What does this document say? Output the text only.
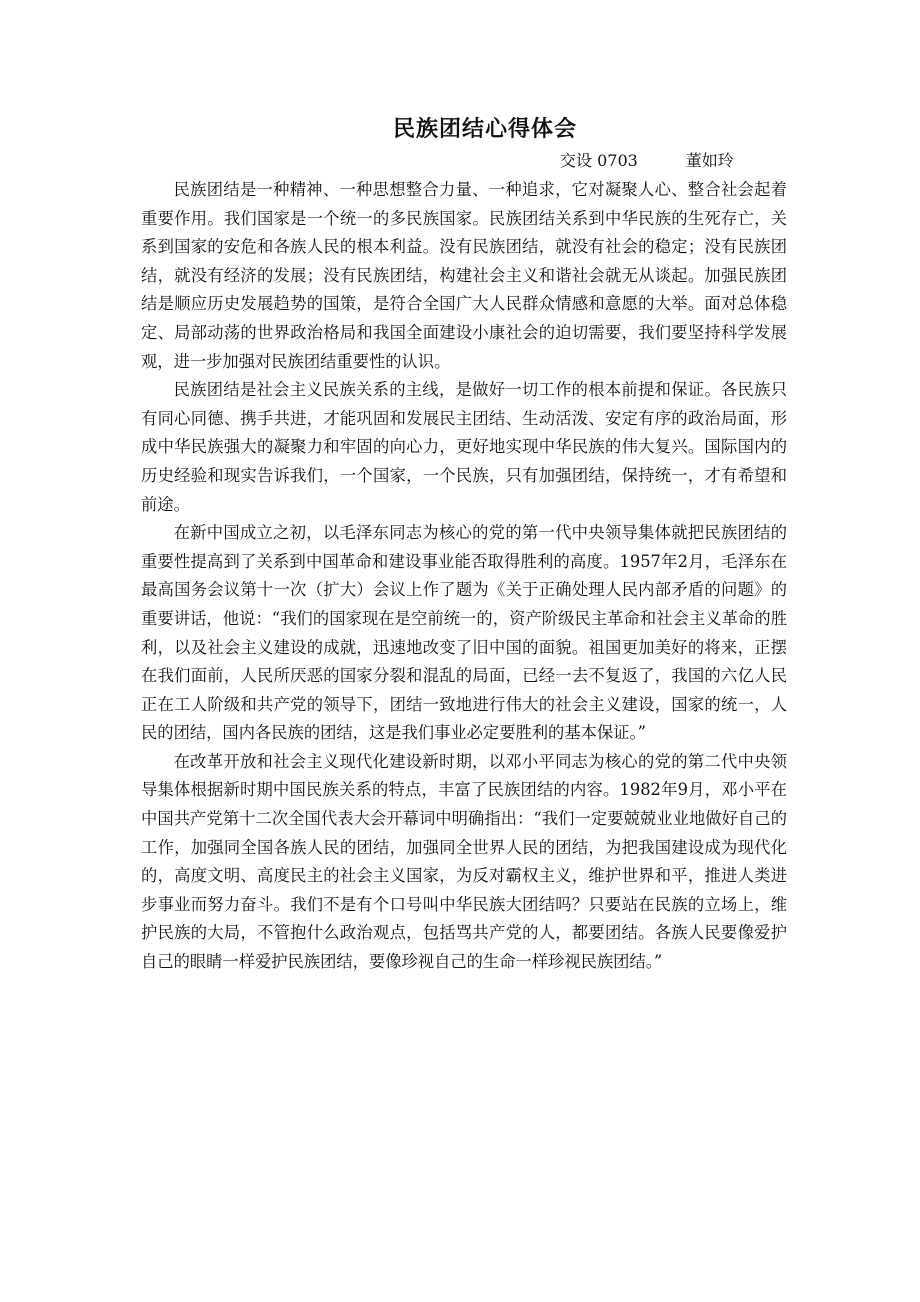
民族团结心得体会
交设 0703　　　董如玲

民族团结是一种精神、一种思想整合力量、一种追求，它对凝聚人心、整合社会起着重要作用。我们国家是一个统一的多民族国家。民族团结关系到中华民族的生死存亡，关系到国家的安危和各族人民的根本利益。没有民族团结，就没有社会的稳定；没有民族团结，就没有经济的发展；没有民族团结，构建社会主义和谐社会就无从谈起。加强民族团结是顺应历史发展趋势的国策，是符合全国广大人民群众情感和意愿的大举。面对总体稳定、局部动荡的世界政治格局和我国全面建设小康社会的迫切需要，我们要坚持科学发展观，进一步加强对民族团结重要性的认识。

民族团结是社会主义民族关系的主线，是做好一切工作的根本前提和保证。各民族只有同心同德、携手共进，才能巩固和发展民主团结、生动活泼、安定有序的政治局面，形成中华民族强大的凝聚力和牢固的向心力，更好地实现中华民族的伟大复兴。国际国内的历史经验和现实告诉我们，一个国家，一个民族，只有加强团结，保持统一，才有希望和前途。

在新中国成立之初，以毛泽东同志为核心的党的第一代中央领导集体就把民族团结的重要性提高到了关系到中国革命和建设事业能否取得胜利的高度。1957年2月，毛泽东在最高国务会议第十一次（扩大）会议上作了题为《关于正确处理人民内部矛盾的问题》的重要讲话，他说：“我们的国家现在是空前统一的，资产阶级民主革命和社会主义革命的胜利，以及社会主义建设的成就，迅速地改变了旧中国的面貌。祖国更加美好的将来，正摆在我们面前，人民所厌恶的国家分裂和混乱的局面，已经一去不复返了，我国的六亿人民正在工人阶级和共产党的领导下，团结一致地进行伟大的社会主义建设，国家的统一，人民的团结，国内各民族的团结，这是我们事业必定要胜利的基本保证。”

在改革开放和社会主义现代化建设新时期，以邓小平同志为核心的党的第二代中央领导集体根据新时期中国民族关系的特点，丰富了民族团结的内容。1982年9月，邓小平在中国共产党第十二次全国代表大会开幕词中明确指出：“我们一定要兢兢业业地做好自己的工作，加强同全国各族人民的团结，加强同全世界人民的团结，为把我国建设成为现代化的，高度文明、高度民主的社会主义国家，为反对霸权主义，维护世界和平，推进人类进步事业而努力奋斗。我们不是有个口号叫中华民族大团结吗？只要站在民族的立场上，维护民族的大局，不管抱什么政治观点，包括骂共产党的人，都要团结。各族人民要像爱护自己的眼睛一样爱护民族团结，要像珍视自己的生命一样珍视民族团结。”
